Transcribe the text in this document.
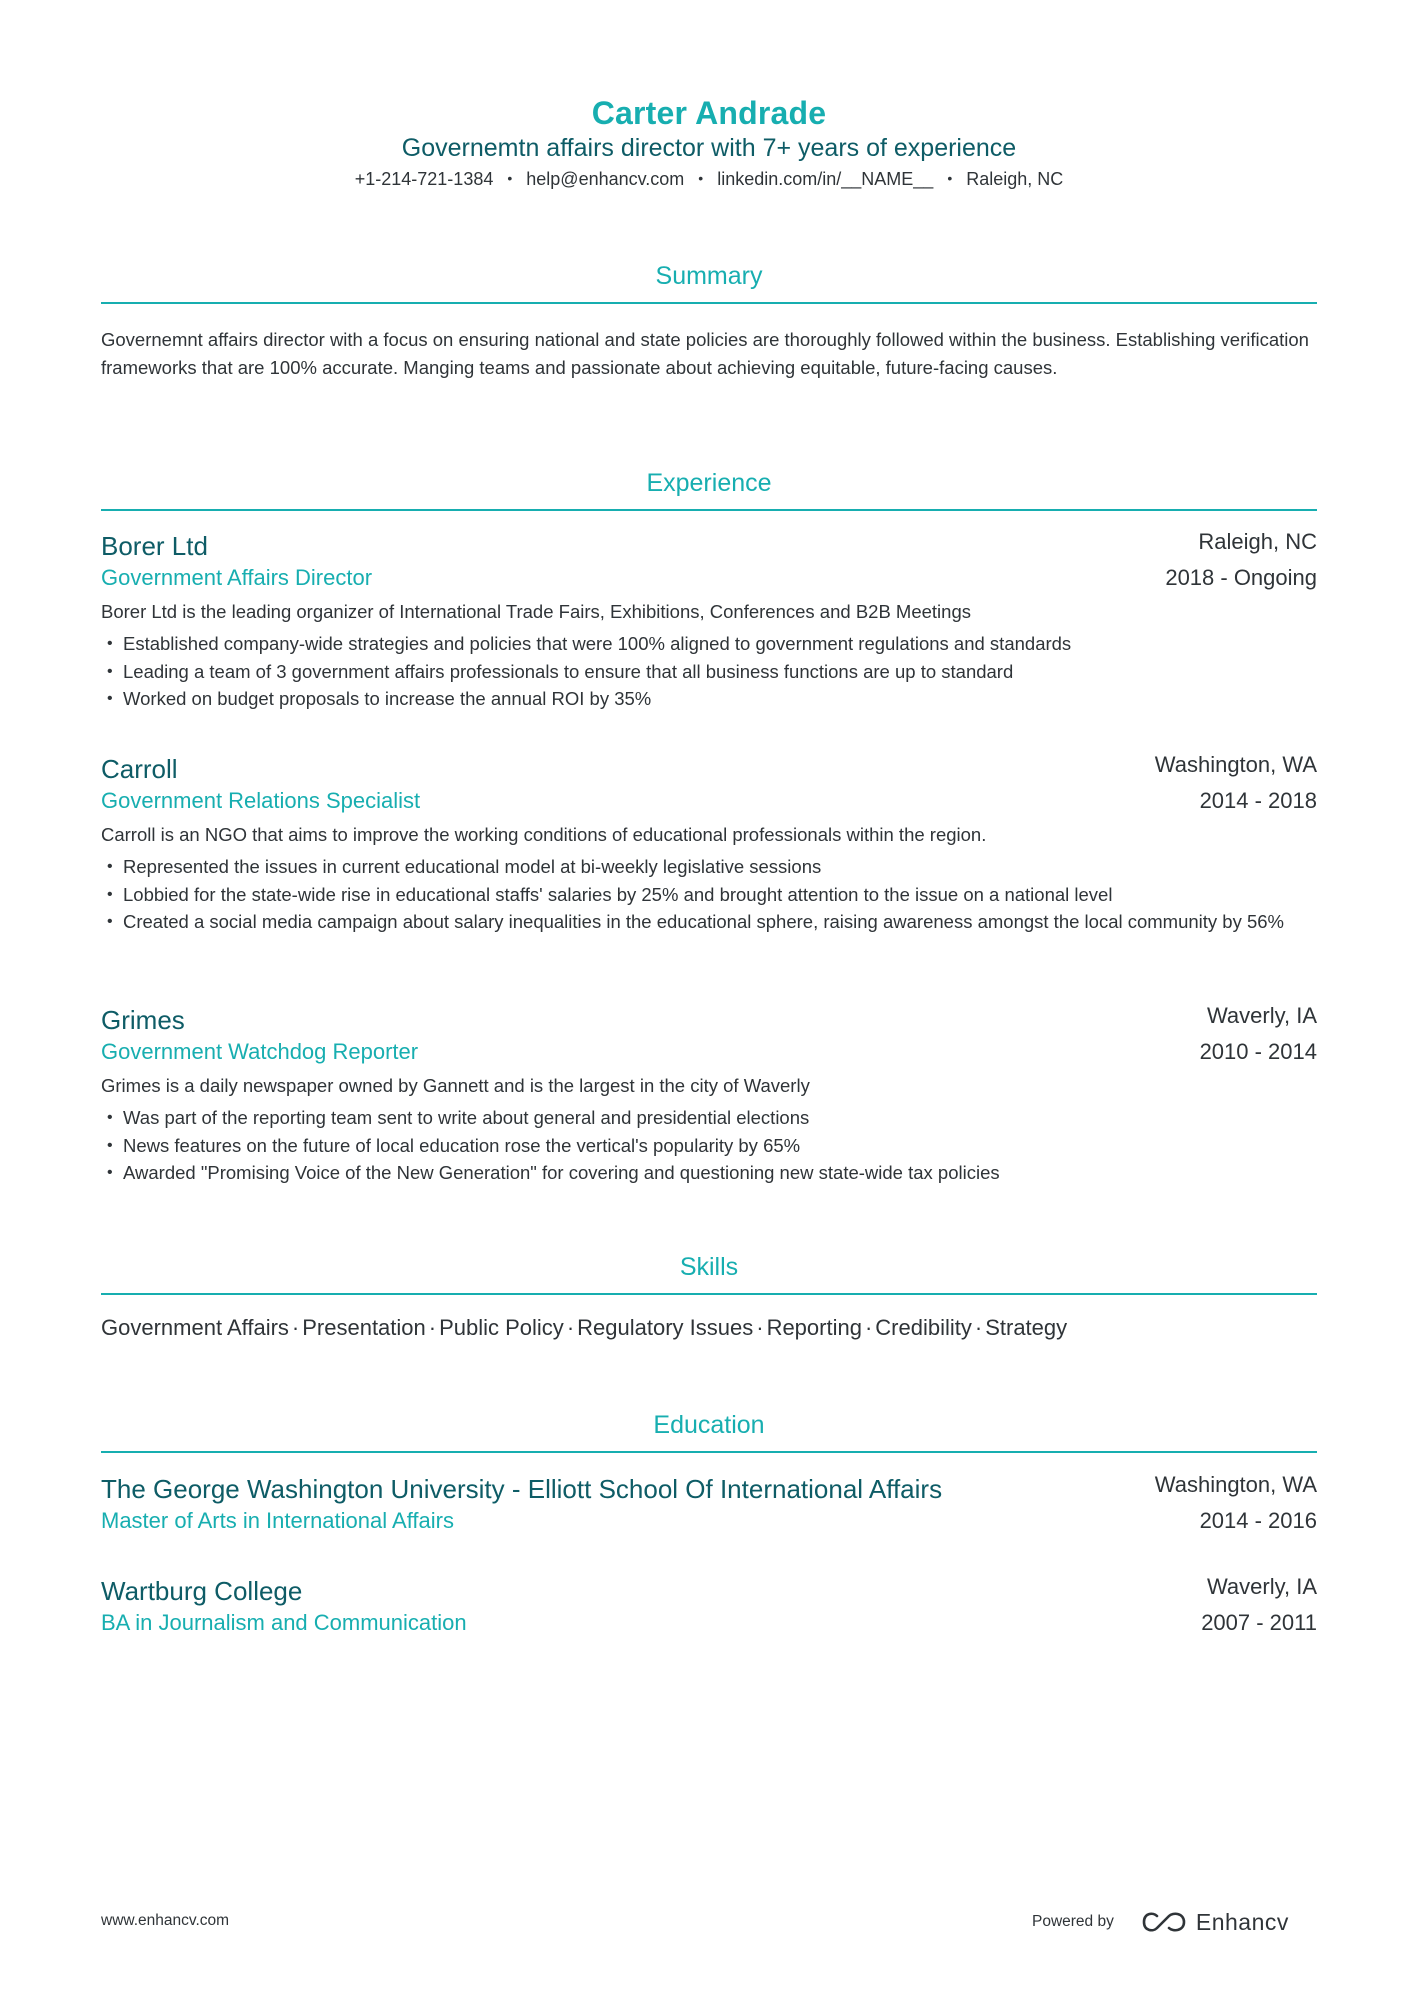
Carter Andrade
Governemtn affairs director with 7+ years of experience
+1-214-721-1384 • help@enhancv.com • linkedin.com/in/__NAME__ • Raleigh, NC
Summary
Governemnt affairs director with a focus on ensuring national and state policies are thoroughly followed within the business. Establishing verification frameworks that are 100% accurate. Manging teams and passionate about achieving equitable, future-facing causes.
Experience
Borer Ltd	Raleigh, NC
Government Affairs Director	2018 - Ongoing
Borer Ltd is the leading organizer of International Trade Fairs, Exhibitions, Conferences and B2B Meetings
• Established company-wide strategies and policies that were 100% aligned to government regulations and standards
• Leading a team of 3 government affairs professionals to ensure that all business functions are up to standard
• Worked on budget proposals to increase the annual ROI by 35%
Carroll	Washington, WA
Government Relations Specialist	2014 - 2018
Carroll is an NGO that aims to improve the working conditions of educational professionals within the region.
• Represented the issues in current educational model at bi-weekly legislative sessions
• Lobbied for the state-wide rise in educational staffs' salaries by 25% and brought attention to the issue on a national level
• Created a social media campaign about salary inequalities in the educational sphere, raising awareness amongst the local community by 56%
Grimes	Waverly, IA
Government Watchdog Reporter	2010 - 2014
Grimes is a daily newspaper owned by Gannett and is the largest in the city of Waverly
• Was part of the reporting team sent to write about general and presidential elections
• News features on the future of local education rose the vertical's popularity by 65%
• Awarded "Promising Voice of the New Generation" for covering and questioning new state-wide tax policies
Skills
Government Affairs · Presentation · Public Policy · Regulatory Issues · Reporting · Credibility · Strategy
Education
The George Washington University - Elliott School Of International Affairs	Washington, WA
Master of Arts in International Affairs	2014 - 2016
Wartburg College	Waverly, IA
BA in Journalism and Communication	2007 - 2011
www.enhancv.com	Powered by	Enhancv
